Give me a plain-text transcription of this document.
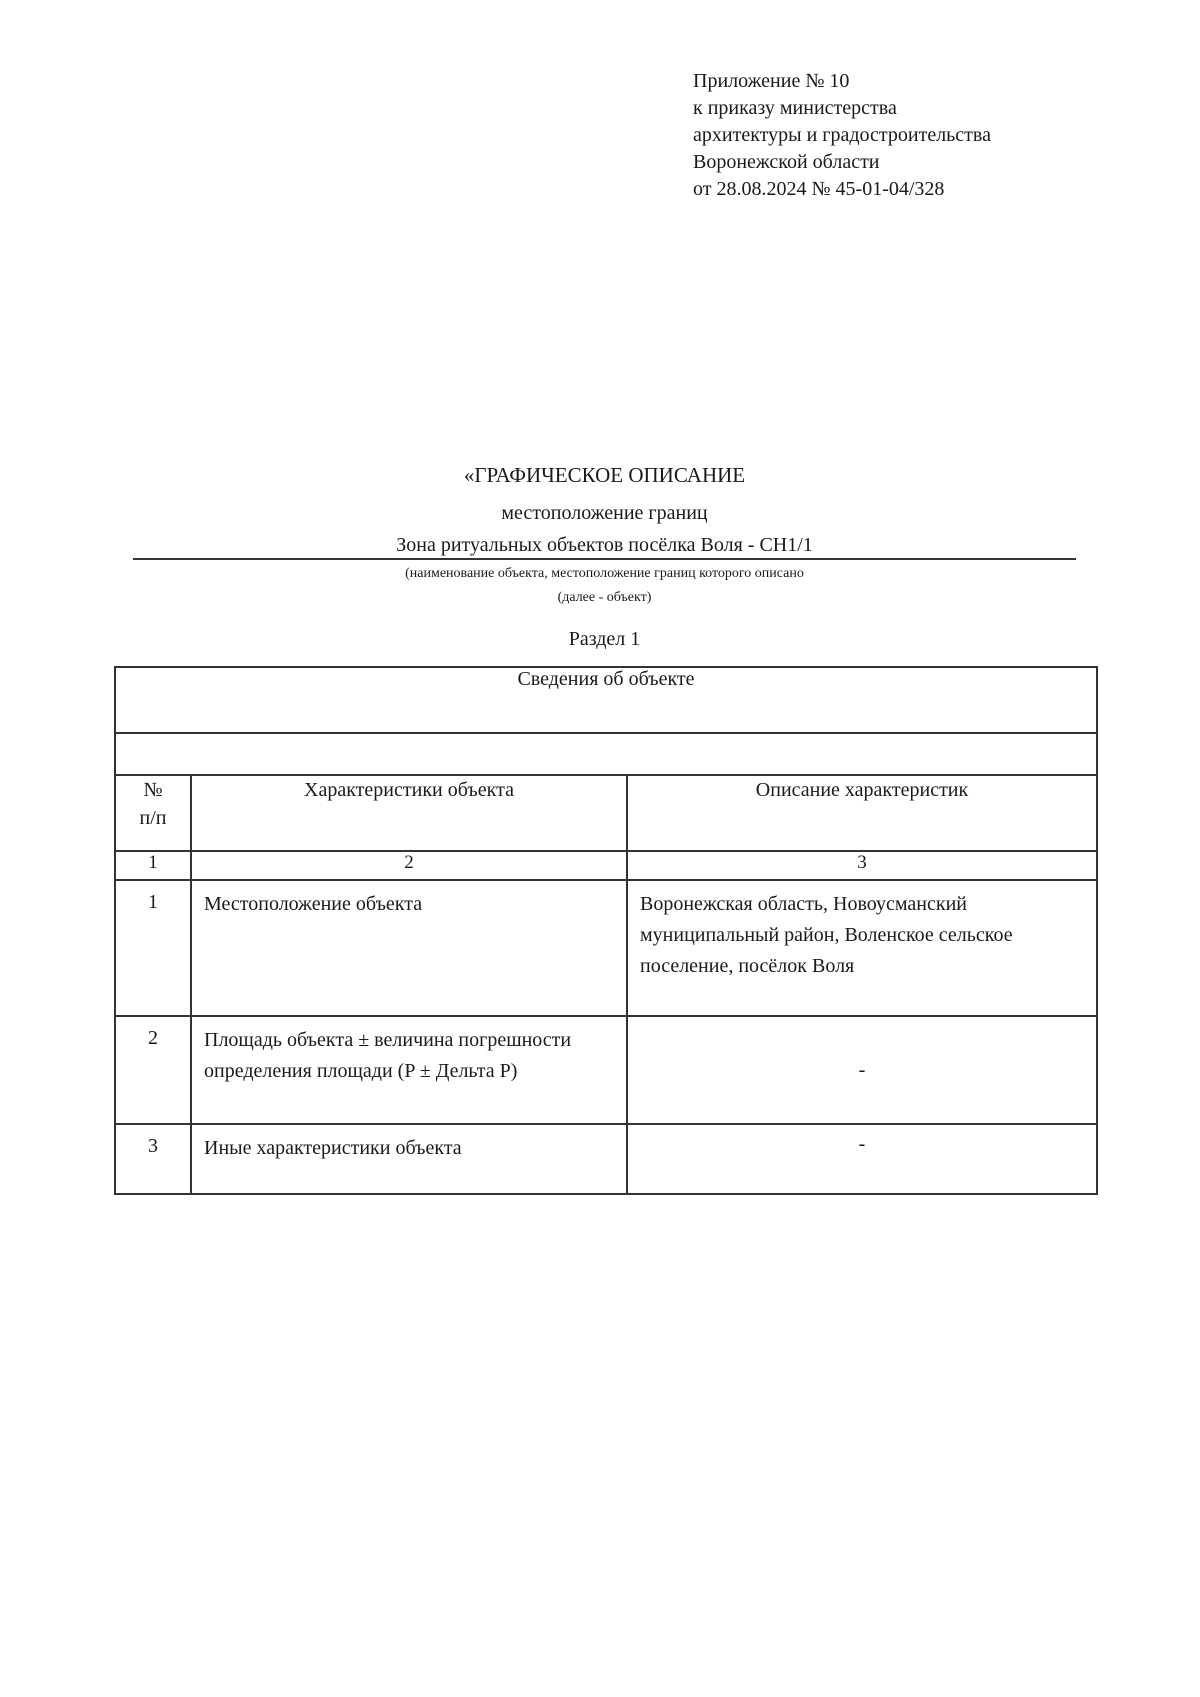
Приложение № 10
к приказу министерства
архитектуры и градостроительства
Воронежской области
от 28.08.2024 № 45-01-04/328
«ГРАФИЧЕСКОЕ ОПИСАНИЕ
местоположение границ
Зона ритуальных объектов посёлка Воля - СН1/1
(наименование объекта, местоположение границ которого описано
(далее - объект)
Раздел 1
Сведения об объекте		

№ п/п	Характеристики объекта	Описание характеристик
1	2	3
1	Местоположение объекта	Воронежская область, Новоусманский муниципальный район, Воленское сельское поселение, посёлок Воля
2	Площадь объекта ± величина погрешности определения площади (P ± Дельта P)	-
3	Иные характеристики объекта	-
